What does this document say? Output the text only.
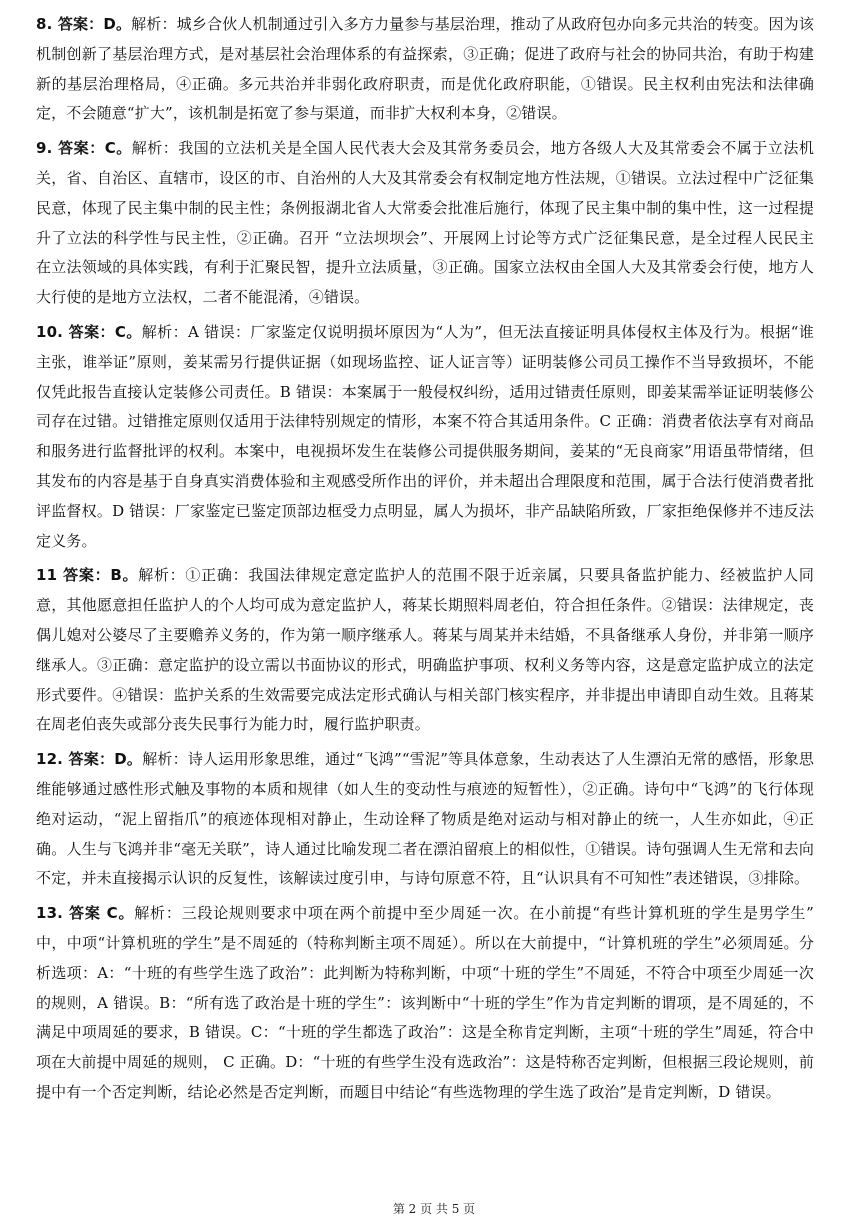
8. 答案：D。解析：城乡合伙人机制通过引入多方力量参与基层治理，推动了从政府包办向多元共治的转变。因为该机制创新了基层治理方式，是对基层社会治理体系的有益探索，③正确；促进了政府与社会的协同共治，有助于构建新的基层治理格局，④正确。多元共治并非弱化政府职责，而是优化政府职能，①错误。民主权利由宪法和法律确定，不会随意“扩大”，该机制是拓宽了参与渠道，而非扩大权利本身，②错误。

9. 答案：C。解析：我国的立法机关是全国人民代表大会及其常务委员会，地方各级人大及其常委会不属于立法机关，省、自治区、直辖市，设区的市、自治州的人大及其常委会有权制定地方性法规，①错误。立法过程中广泛征集民意，体现了民主集中制的民主性；条例报湖北省人大常委会批准后施行，体现了民主集中制的集中性，这一过程提升了立法的科学性与民主性，②正确。召开 “立法坝坝会”、开展网上讨论等方式广泛征集民意，是全过程人民民主在立法领域的具体实践，有利于汇聚民智，提升立法质量，③正确。国家立法权由全国人大及其常委会行使，地方人大行使的是地方立法权，二者不能混淆，④错误。

10. 答案：C。解析：A 错误：厂家鉴定仅说明损坏原因为“人为”，但无法直接证明具体侵权主体及行为。根据“谁主张，谁举证”原则，姜某需另行提供证据（如现场监控、证人证言等）证明装修公司员工操作不当导致损坏，不能仅凭此报告直接认定装修公司责任。B 错误：本案属于一般侵权纠纷，适用过错责任原则，即姜某需举证证明装修公司存在过错。过错推定原则仅适用于法律特别规定的情形，本案不符合其适用条件。C 正确：消费者依法享有对商品和服务进行监督批评的权利。本案中，电视损坏发生在装修公司提供服务期间，姜某的“无良商家”用语虽带情绪，但其发布的内容是基于自身真实消费体验和主观感受所作出的评价，并未超出合理限度和范围，属于合法行使消费者批评监督权。D 错误：厂家鉴定已鉴定顶部边框受力点明显，属人为损坏，非产品缺陷所致，厂家拒绝保修并不违反法定义务。

11 答案：B。解析：①正确：我国法律规定意定监护人的范围不限于近亲属，只要具备监护能力、经被监护人同意，其他愿意担任监护人的个人均可成为意定监护人，蒋某长期照料周老伯，符合担任条件。②错误：法律规定，丧偶儿媳对公婆尽了主要赡养义务的，作为第一顺序继承人。蒋某与周某并未结婚，不具备继承人身份，并非第一顺序继承人。③正确：意定监护的设立需以书面协议的形式，明确监护事项、权利义务等内容，这是意定监护成立的法定形式要件。④错误：监护关系的生效需要完成法定形式确认与相关部门核实程序，并非提出申请即自动生效。且蒋某在周老伯丧失或部分丧失民事行为能力时，履行监护职责。

12. 答案：D。解析：诗人运用形象思维，通过“飞鸿”“雪泥”等具体意象，生动表达了人生漂泊无常的感悟，形象思维能够通过感性形式触及事物的本质和规律（如人生的变动性与痕迹的短暂性），②正确。诗句中“飞鸿”的飞行体现绝对运动，“泥上留指爪”的痕迹体现相对静止，生动诠释了物质是绝对运动与相对静止的统一，人生亦如此，④正确。人生与飞鸿并非“毫无关联”，诗人通过比喻发现二者在漂泊留痕上的相似性，①错误。诗句强调人生无常和去向不定，并未直接揭示认识的反复性，该解读过度引申，与诗句原意不符，且“认识具有不可知性”表述错误，③排除。

13. 答案 C。解析：三段论规则要求中项在两个前提中至少周延一次。在小前提“有些计算机班的学生是男学生” 中，中项“计算机班的学生”是不周延的（特称判断主项不周延）。所以在大前提中，“计算机班的学生”必须周延。分析选项：A：“十班的有些学生选了政治”：此判断为特称判断，中项“十班的学生”不周延，不符合中项至少周延一次的规则，A 错误。B：“所有选了政治是十班的学生”：该判断中“十班的学生”作为肯定判断的谓项，是不周延的，不满足中项周延的要求，B 错误。C：“十班的学生都选了政治”：这是全称肯定判断，主项“十班的学生”周延，符合中项在大前提中周延的规则， C 正确。D：“十班的有些学生没有选政治”：这是特称否定判断，但根据三段论规则，前提中有一个否定判断，结论必然是否定判断，而题目中结论“有些选物理的学生选了政治”是肯定判断，D 错误。

第 2 页 共 5 页
